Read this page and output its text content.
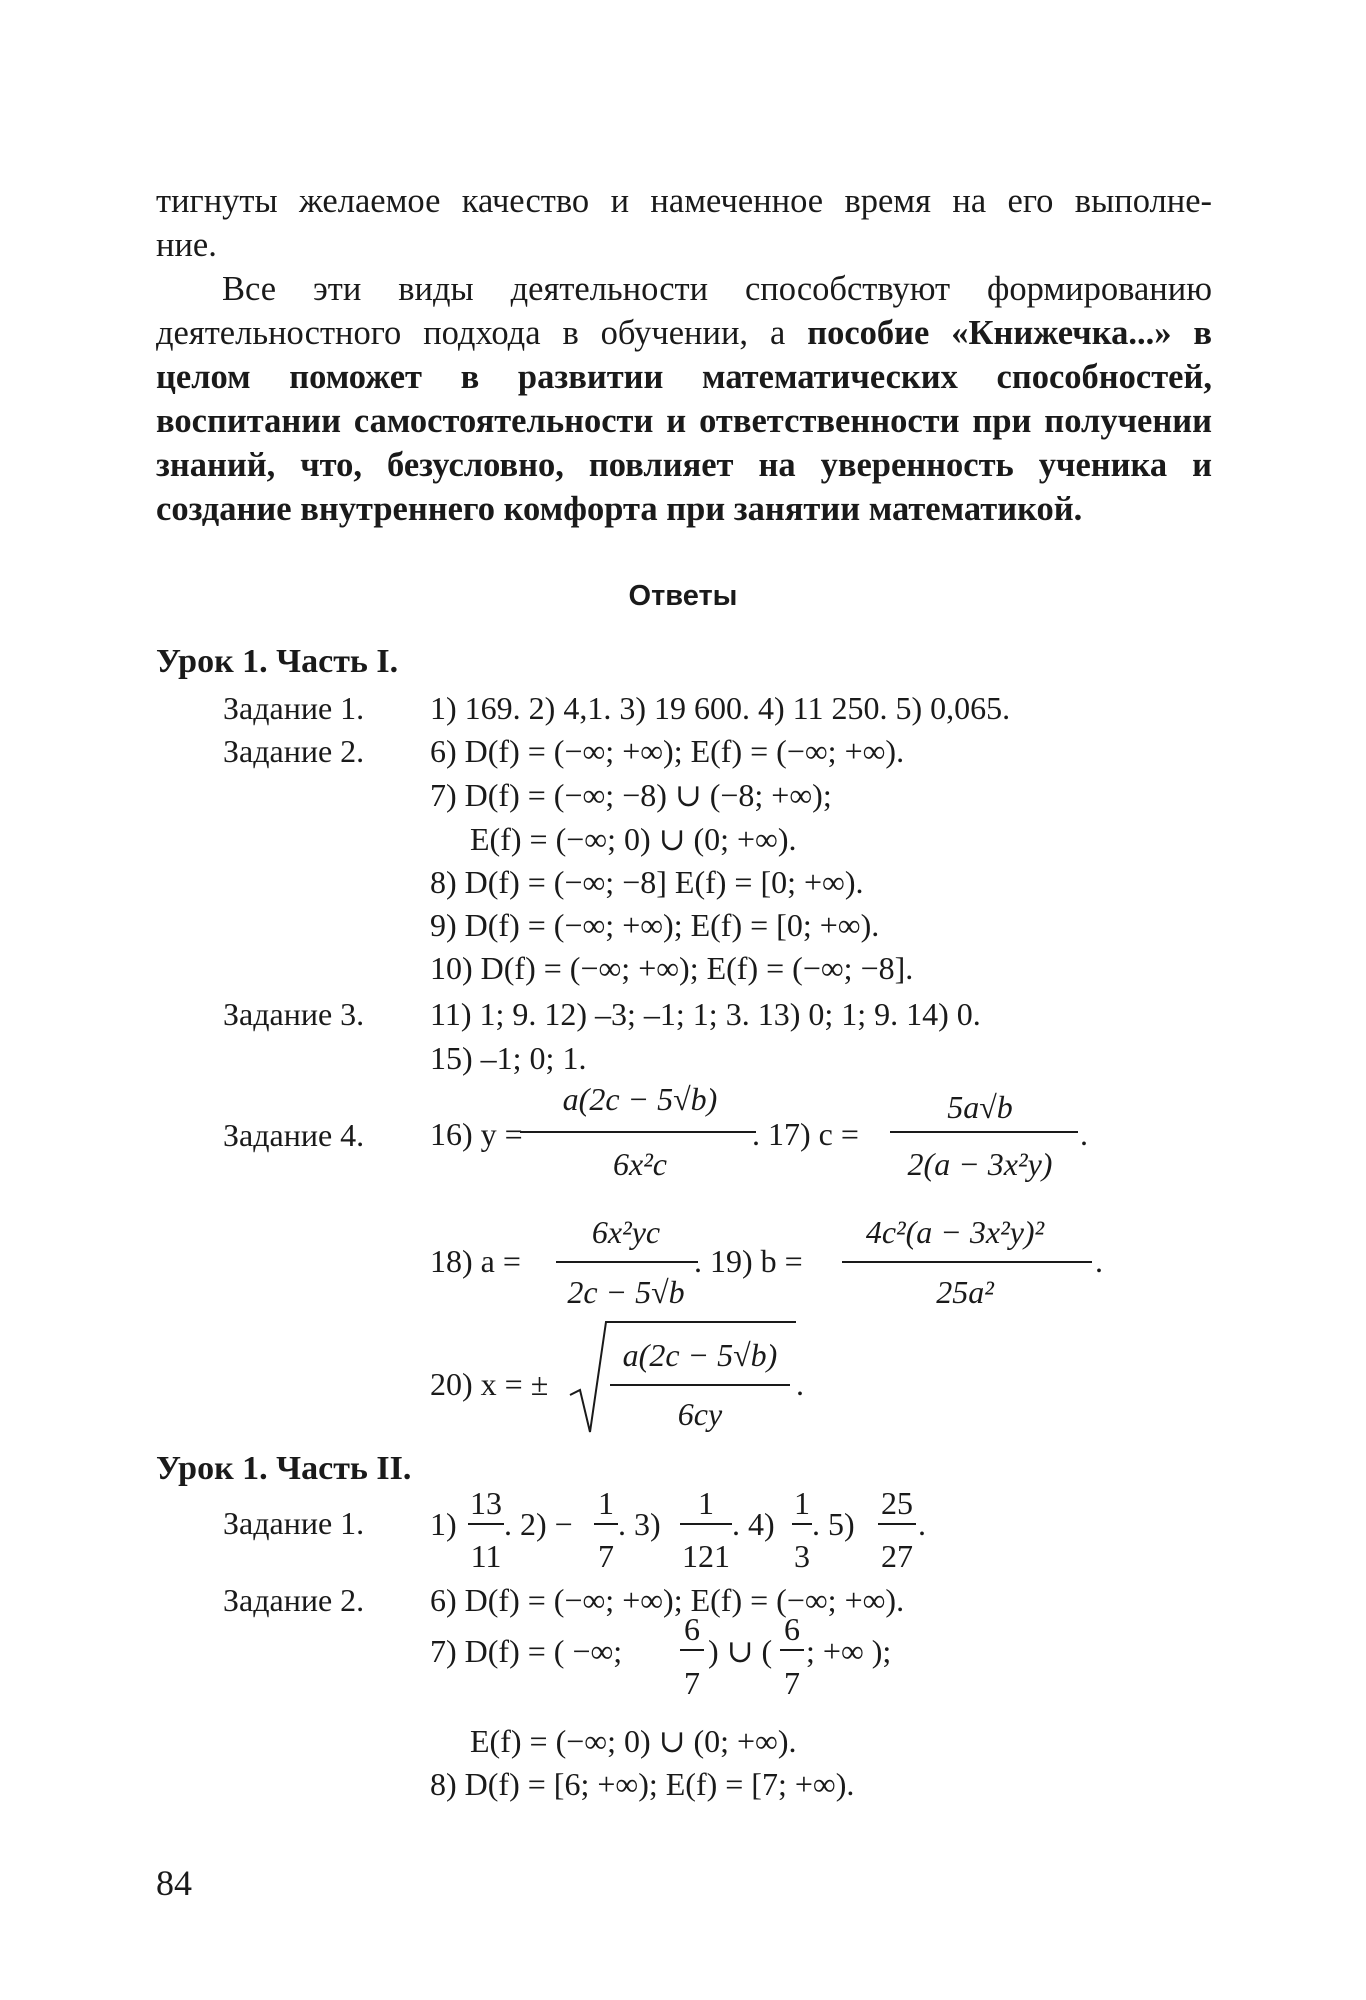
тигнуты желаемое качество и намеченное время на его выполне-
ние.
Все эти виды деятельности способствуют формированию деятельностного подхода в обучении, а пособие «Книжечка...» в целом поможет в развитии математических способностей, воспитании самостоятельности и ответственности при получении знаний, что, безусловно, повлияет на уверенность ученика и создание внутреннего комфорта при занятии математикой.
Ответы
Урок 1. Часть I.
Задание 1. 1) 169. 2) 4,1. 3) 19 600. 4) 11 250. 5) 0,065.
Задание 2. 6) D(f) = (−∞; +∞); E(f) = (−∞; +∞).
7) D(f) = (−∞; −8) ∪ (−8; +∞);
E(f) = (−∞; 0) ∪ (0; +∞).
8) D(f) = (−∞; −8] E(f) = [0; +∞).
9) D(f) = (−∞; +∞); E(f) = [0; +∞).
10) D(f) = (−∞; +∞); E(f) = (−∞; −8].
Задание 3. 11) 1; 9. 12) –3; –1; 1; 3. 13) 0; 1; 9. 14) 0.
15) –1; 0; 1.
Задание 4. 16) y =
a(2c − 5√b)
6x²c
. 17) c =
5a√b
2(a − 3x²y)
.
18) a =
6x²yc
2c − 5√b
. 19) b =
4c²(a − 3x²y)²
25a²
.
20) x = ±
a(2c − 5√b)
6cy
.
Урок 1. Часть II.
Задание 1. 1)
13
11
. 2) −
1
7
. 3)
1
121
. 4)
1
3
. 5)
25
27
.
Задание 2. 6) D(f) = (−∞; +∞); E(f) = (−∞; +∞).
7) D(f) = ( −∞;
6
7
) ∪ (
6
7
; +∞ );
E(f) = (−∞; 0) ∪ (0; +∞).
8) D(f) = [6; +∞); E(f) = [7; +∞).
84
